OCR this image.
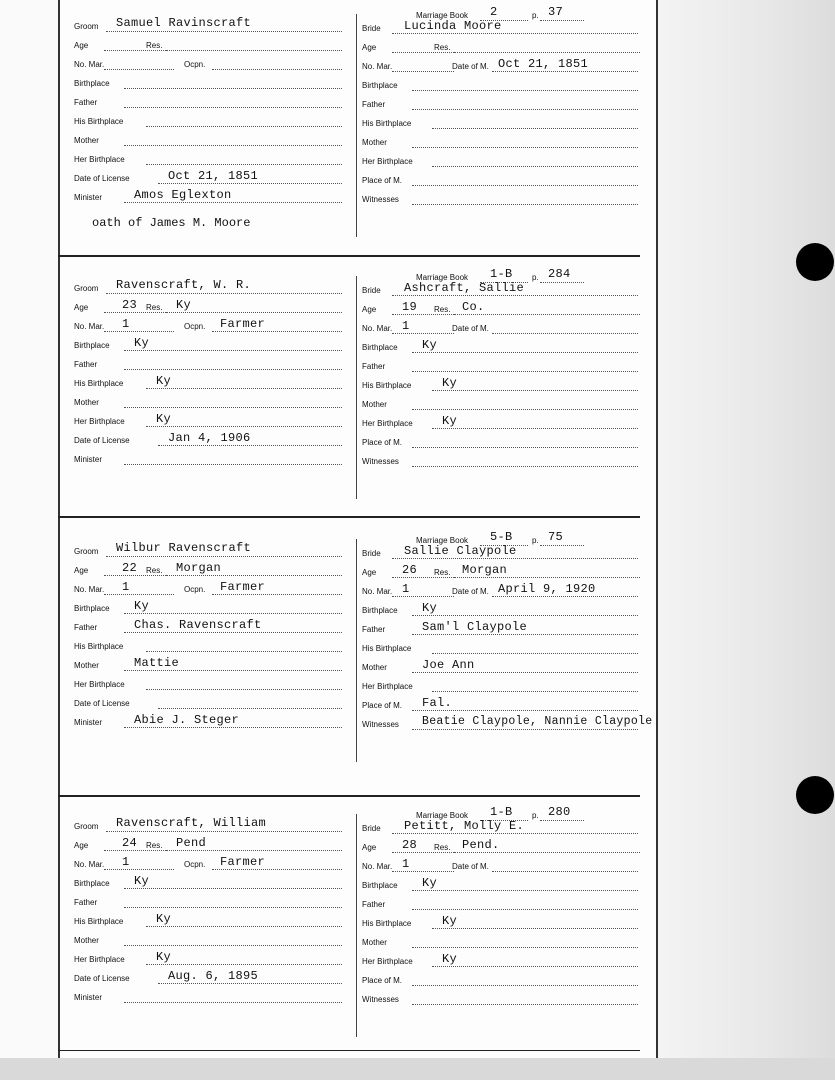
Groom Samuel Ravinscraft
Age	Res.
No. Mar.	Ocpn.
Birthplace
Father
His Birthplace
Mother
Her Birthplace
Date of License	Oct 21, 1851
Minister	Amos Eglexton
oath of James M. Moore
Marriage Book 2	p. 37
Bride Lucinda Moore
Age	Res.
No. Mar.	Date of M. Oct 21, 1851
Birthplace
Father
His Birthplace
Mother
Her Birthplace
Place of M.
Witnesses
Groom Ravenscraft, W. R.
Age	23 Res. Ky
No. Mar. 1	Ocpn. Farmer
Birthplace Ky
Father
His Birthplace	Ky
Mother
Her Birthplace	Ky
Date of License	Jan 4, 1906
Minister
Marriage Book 1-B p. 284
Bride Ashcraft, Sallie
Age 19 Res. Co.
No. Mar. 1	Date of M.
Birthplace Ky
Father
His Birthplace	Ky
Mother
Her Birthplace Ky
Place of M.
Witnesses
Groom Wilbur Ravenscraft
Age	22 Res. Morgan
No. Mar. 1	Ocpn. Farmer
Birthplace Ky
Father	Chas. Ravenscraft
His Birthplace
Mother	Mattie
Her Birthplace
Date of License
Minister	Abie J. Steger
Marriage Book 5-B p. 75
Bride Sallie Claypole
Age 26 Res. Morgan
No. Mar. 1	Date of M. April 9, 1920
Birthplace Ky
Father	Sam'l Claypole
His Birthplace
Mother	Joe Ann
Her Birthplace
Place of M. Fal.
Witnesses Beatie Claypole, Nannie Claypole
Groom Ravenscraft, William
Age	24 Res. Pend
No. Mar. 1	Ocpn. Farmer
Birthplace Ky
Father
His Birthplace	Ky
Mother
Her Birthplace	Ky
Date of License	Aug. 6, 1895
Minister
Marriage Book 1-B p. 280
Bride Petitt, Molly E.
Age 28 Res. Pend.
No. Mar. 1	Date of M.
Birthplace Ky
Father
His Birthplace	Ky
Mother
Her Birthplace Ky
Place of M.
Witnesses
